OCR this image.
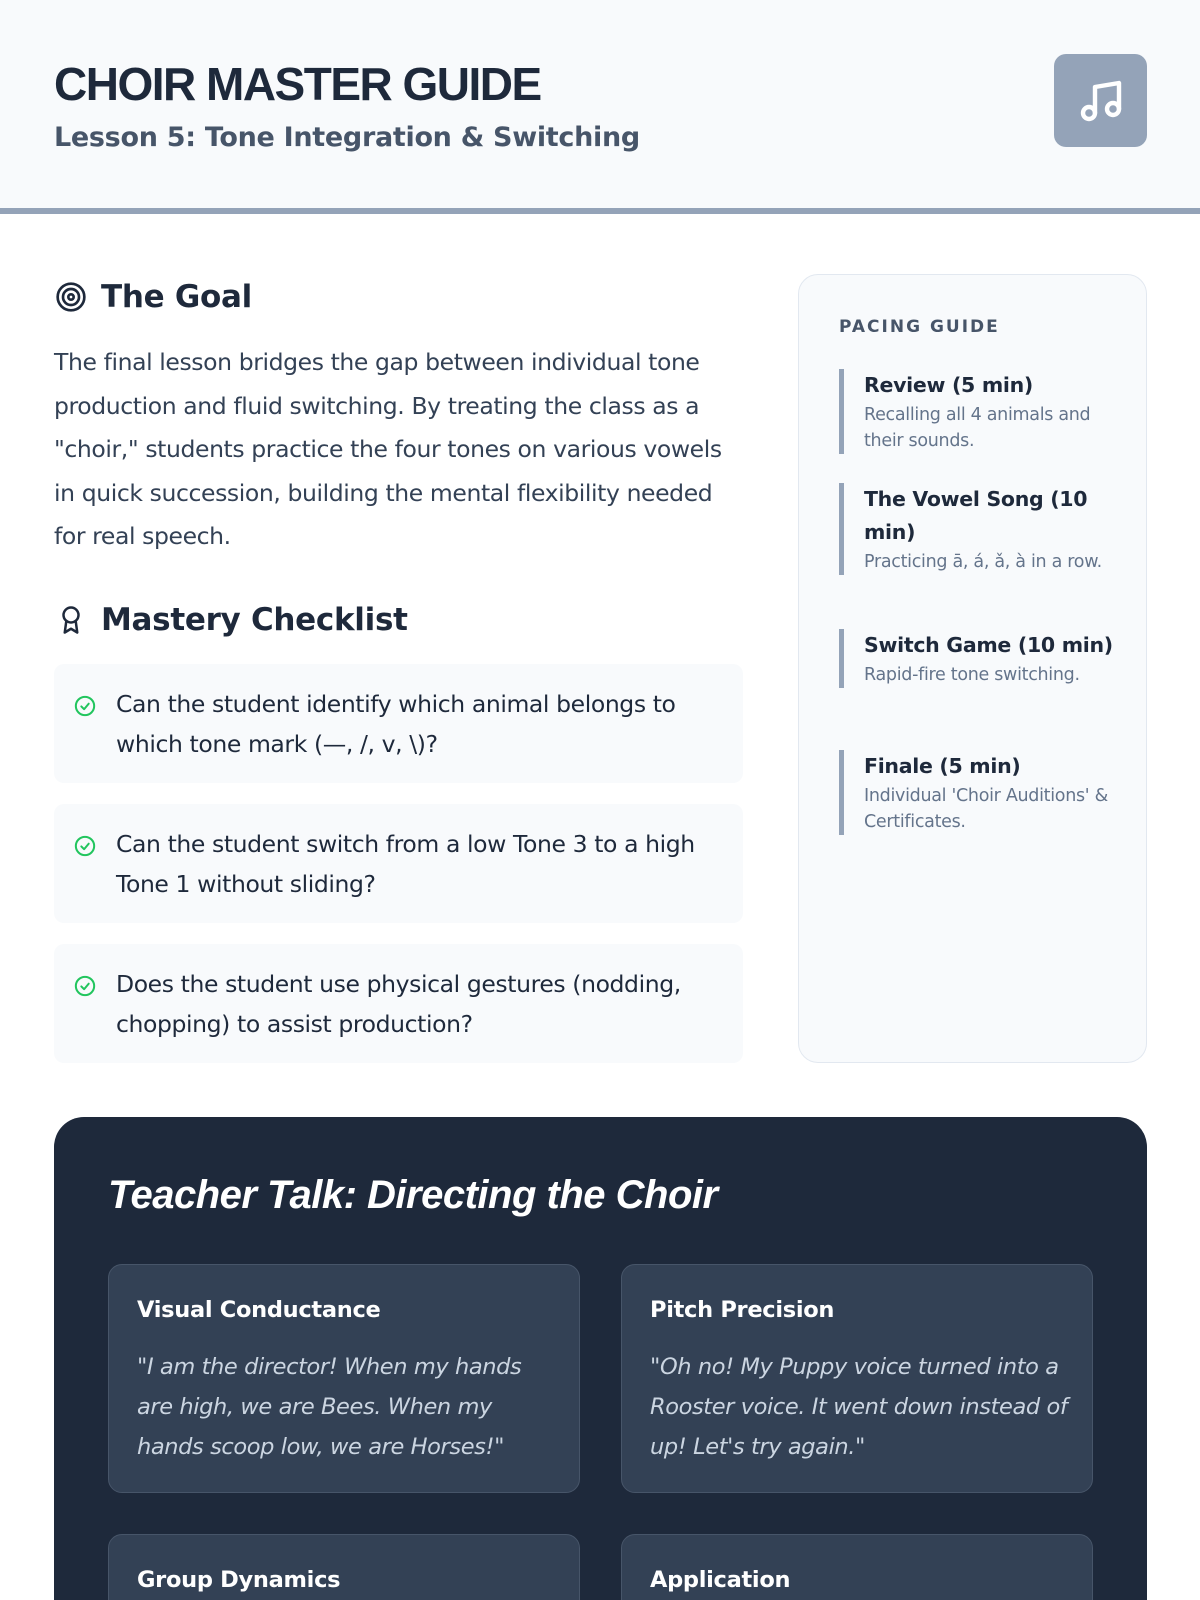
CHOIR MASTER GUIDE
Lesson 5: Tone Integration & Switching
The Goal
The final lesson bridges the gap between individual tone production and fluid switching. By treating the class as a "choir," students practice the four tones on various vowels in quick succession, building the mental flexibility needed for real speech.
Mastery Checklist
Can the student identify which animal belongs to which tone mark (—, /, v, \)?
Can the student switch from a low Tone 3 to a high Tone 1 without sliding?
Does the student use physical gestures (nodding, chopping) to assist production?
PACING GUIDE
Review (5 min)
Recalling all 4 animals and their sounds.
The Vowel Song (10 min)
Practicing ā, á, ǎ, à in a row.
Switch Game (10 min)
Rapid-fire tone switching.
Finale (5 min)
Individual 'Choir Auditions' & Certificates.
Teacher Talk: Directing the Choir
Visual Conductance
"I am the director! When my hands are high, we are Bees. When my hands scoop low, we are Horses!"
Pitch Precision
"Oh no! My Puppy voice turned into a Rooster voice. It went down instead of up! Let's try again."
Group Dynamics	Application
